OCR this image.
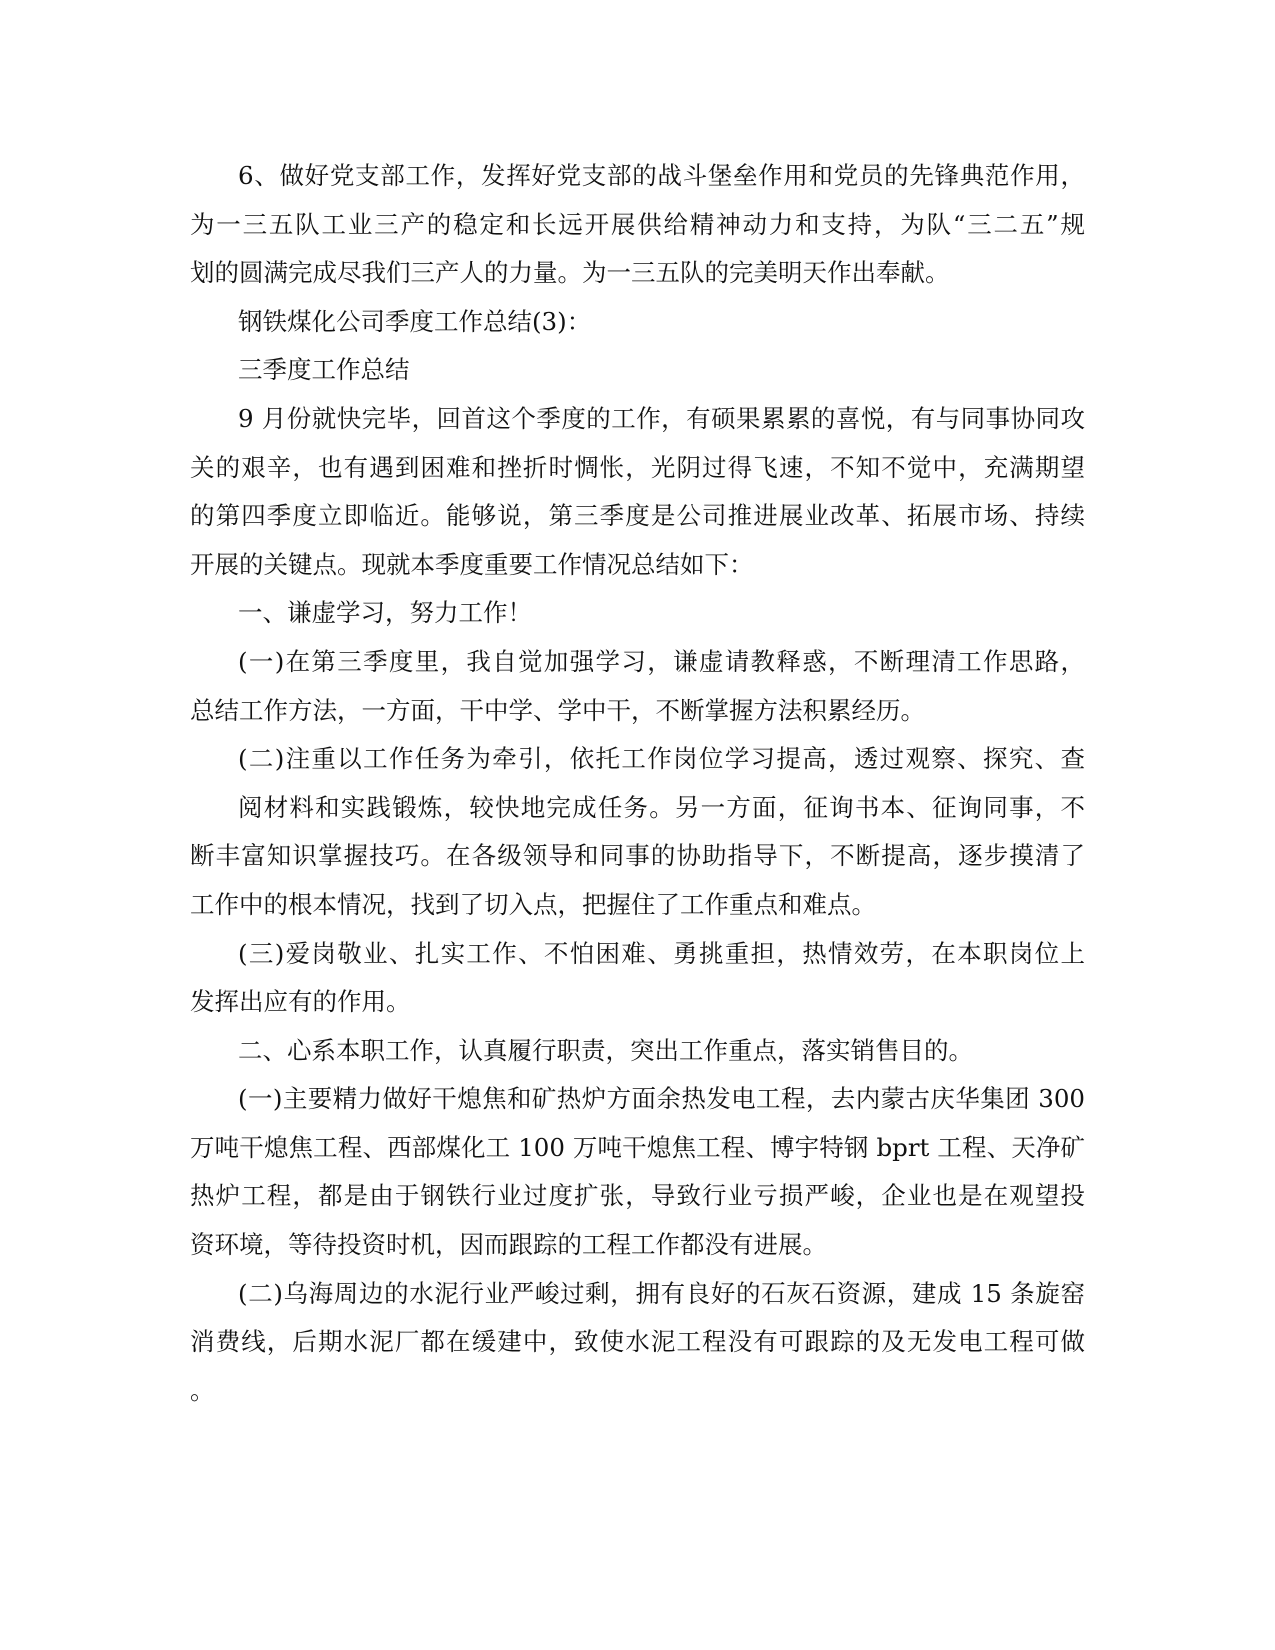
6、做好党支部工作，发挥好党支部的战斗堡垒作用和党员的先锋典范作用，
为一三五队工业三产的稳定和长远开展供给精神动力和支持，为队“三二五”规
划的圆满完成尽我们三产人的力量。为一三五队的完美明天作出奉献。
钢铁煤化公司季度工作总结(3)：
三季度工作总结
9 月份就快完毕，回首这个季度的工作，有硕果累累的喜悦，有与同事协同攻
关的艰辛，也有遇到困难和挫折时惆怅，光阴过得飞速，不知不觉中，充满期望
的第四季度立即临近。能够说，第三季度是公司推进展业改革、拓展市场、持续
开展的关键点。现就本季度重要工作情况总结如下：
一、谦虚学习，努力工作！
(一)在第三季度里，我自觉加强学习，谦虚请教释惑，不断理清工作思路，
总结工作方法，一方面，干中学、学中干，不断掌握方法积累经历。
(二)注重以工作任务为牵引，依托工作岗位学习提高，透过观察、探究、查
阅材料和实践锻炼，较快地完成任务。另一方面，征询书本、征询同事，不
断丰富知识掌握技巧。在各级领导和同事的协助指导下，不断提高，逐步摸清了
工作中的根本情况，找到了切入点，把握住了工作重点和难点。
(三)爱岗敬业、扎实工作、不怕困难、勇挑重担，热情效劳，在本职岗位上
发挥出应有的作用。
二、心系本职工作，认真履行职责，突出工作重点，落实销售目的。
(一)主要精力做好干熄焦和矿热炉方面余热发电工程，去内蒙古庆华集团 300
万吨干熄焦工程、西部煤化工 100 万吨干熄焦工程、博宇特钢 bprt 工程、天净矿
热炉工程，都是由于钢铁行业过度扩张，导致行业亏损严峻，企业也是在观望投
资环境，等待投资时机，因而跟踪的工程工作都没有进展。
(二)乌海周边的水泥行业严峻过剩，拥有良好的石灰石资源，建成 15 条旋窑
消费线，后期水泥厂都在缓建中，致使水泥工程没有可跟踪的及无发电工程可做
。
